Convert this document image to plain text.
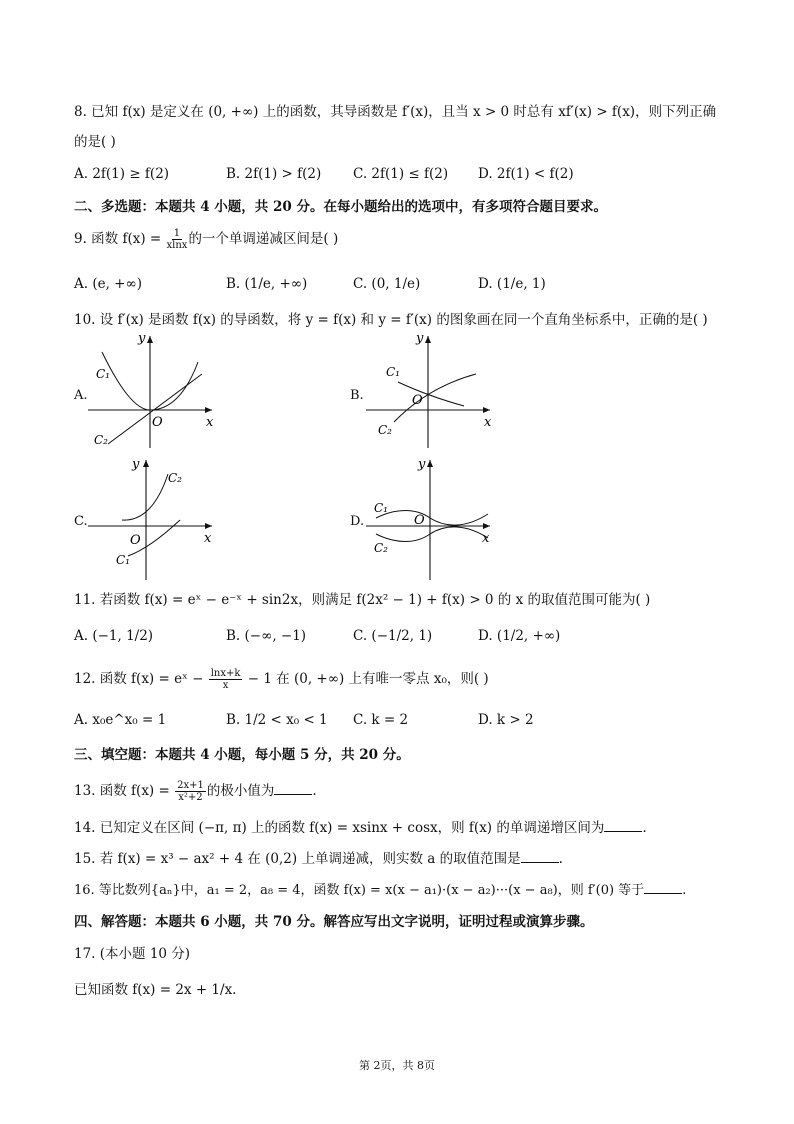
8. 已知 f(x) 是定义在 (0, +∞) 上的函数，其导函数是 f′(x)，且当 x > 0 时总有 xf′(x) > f(x)，则下列正确
的是( )
A. 2f(1) ≥ f(2)	B. 2f(1) > f(2) C. 2f(1) ≤ f(2) D. 2f(1) < f(2)
二、多选题：本题共 4 小题，共 20 分。在每小题给出的选项中，有多项符合题目要求。
9. 函数 $f(x) = \frac{1}{xlnx}$ 的一个单调递减区间是( )
A. (e, +∞)	B. (1/e, +∞)	C. (0, 1/e)	D. (1/e, 1)
10. 设 f′(x) 是函数 f(x) 的导函数，将 y = f(x) 和 y = f′(x) 的图象画在同一个直角坐标系中，正确的是( )
A.
y
x
O
C₁
C₂
B.
y
x
O
C₁
C₂
C.
y
x
O
C₂
C₁
D.
y
x
O
C₁
C₂
11. 若函数 f(x) = eˣ − e⁻ˣ + sin2x，则满足 f(2x² − 1) + f(x) > 0 的 x 的取值范围可能为( )
A. (−1, 1/2)	B. (−∞, −1)	C. (−1/2, 1)	D. (1/2, +∞)
12. 函数 f(x) = eˣ − $\frac{\ln x+k}{x} - 1$ 在 (0, +∞) 上有唯一零点 x₀，则( )
A. x₀e^x₀ = 1	B. 1/2 < x₀ < 1 C. k = 2	D. k > 2
三、填空题：本题共 4 小题，每小题 5 分，共 20 分。
13. 函数 $f(x) = \frac{2x+1}{\text{x²+2}}$ 的极小值为	.
14. 已知定义在区间 (−π, π) 上的函数 f(x) = xsinx + cosx，则 f(x) 的单调递增区间为	.
15. 若 f(x) = x³ − ax² + 4 在 (0,2) 上单调递减，则实数 a 的取值范围是	.
16. 等比数列{aₙ}中，a₁ = 2，a₈ = 4，函数 f(x) = x(x − a₁)·(x − a₂)···(x − a₈)，则 f′(0) 等于	.
四、解答题：本题共 6 小题，共 70 分。解答应写出文字说明，证明过程或演算步骤。
17. (本小题 10 分)
已知函数 f(x) = 2x + 1/x.
第 2页，共 8页
